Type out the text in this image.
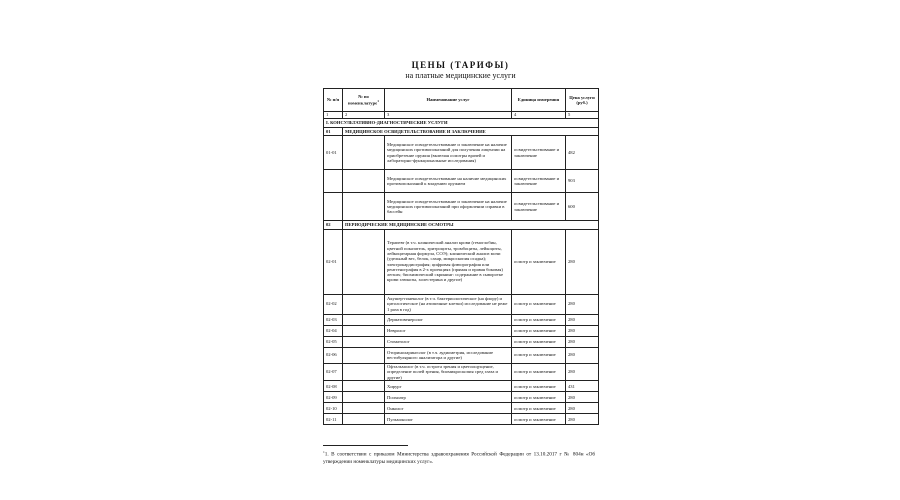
ЦЕНЫ (ТАРИФЫ)
на платные медицинские услуги
№ п/п	№ по номенклатуре$^1$	Наименование услуг	Единица измерения	Цена услуги (руб.)
1	2	3	4	5
I. КОНСУЛЬТАТИВНО-ДИАГНОСТИЧЕСКИЕ УСЛУГИ				
01	МЕДИЦИНСКОЕ ОСВИДЕТЕЛЬСТВОВАНИЕ И ЗАКЛЮЧЕНИЕ			
01-01		Медицинское освидетельствование и заключение на наличие медицинских противопоказаний для получения лицензии на приобретение оружия (включая осмотры врачей и лабораторно-функциональные исследования)	освидетельствование и заключение	482
		Медицинское освидетельствование на наличие медицинских противопоказаний к владению оружием	освидетельствование и заключение	903
		Медицинское освидетельствование и заключение на наличие медицинских противопоказаний при оформлении справки в бассейн	освидетельствование и заключение	600
02	ПЕРИОДИЧЕСКИЕ МЕДИЦИНСКИЕ ОСМОТРЫ			
02-01		Терапевт (в т.ч. клинический анализ крови (гемоглобин, цветной показатель, эритроциты, тромбоциты, лейкоциты, лейкоцитарная формула, СОЭ); клинический анализ мочи (удельный вес, белок, сахар, микроскопия осадка); электрокардиография; цифровая флюорография или рентгенография в 2-х проекциях (прямая и правая боковая) легких; биохимический скрининг: содержание в сыворотке крови глюкозы, холестерина и другие)	осмотр и заключение	280
02-02		Акушер-гинеколог (в т.ч. бактериологическое (на флору) и цитологическое (на атипичные клетки) исследование не реже 1 раза в год)	осмотр и заключение	280
02-03		Дерматовенеролог	осмотр и заключение	280
02-04		Невролог	осмотр и заключение	280
02-05		Стоматолог	осмотр и заключение	280
02-06		Оториноларинголог (в т.ч. аудиометрия, исследование вестибулярного анализатора и другие)	осмотр и заключение	280
02-07		Офтальмолог (в т.ч. острота зрения и цветоощущение, определение полей зрения, биомикроскопия сред глаза и другие)	осмотр и заключение	280
02-08		Хирург	осмотр и заключение	431
02-09		Психиатр	осмотр и заключение	280
02-10		Онколог	осмотр и заключение	280
02-11		Пульмонолог	осмотр и заключение	280
$^1$1. В соответствии с приказом Министерства здравоохранения Российской Федерации от 13.10.2017 г № 804н «Об утверждении номенклатуры медицинских услуг».
